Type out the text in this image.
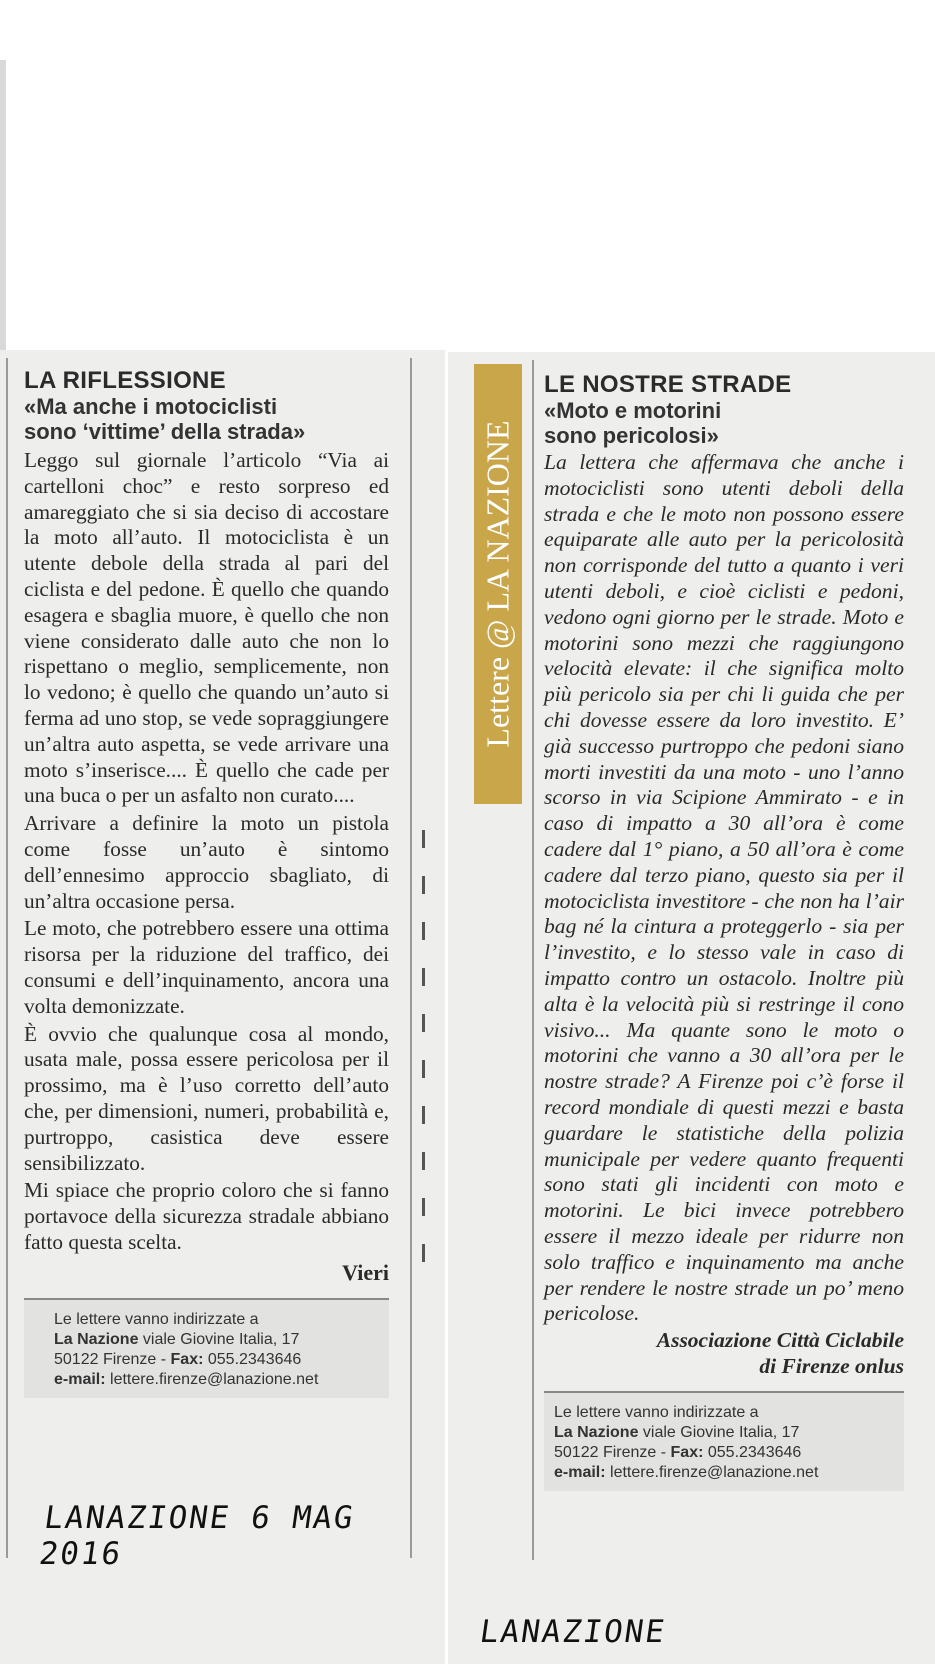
LA RIFLESSIONE
«Ma anche i motociclisti
sono ‘vittime’ della strada»

Leggo sul giornale l’articolo “Via ai cartelloni choc” e resto sorpreso ed amareggiato che si sia deciso di accostare la moto all’auto. Il motociclista è un utente debole della strada al pari del ciclista e del pedone. È quello che quando esagera e sbaglia muore, è quello che non viene considerato dalle auto che non lo rispettano o meglio, semplicemente, non lo vedono; è quello che quando un’auto si ferma ad uno stop, se vede sopraggiungere un’altra auto aspetta, se vede arrivare una moto s’inserisce.... È quello che cade per una buca o per un asfalto non curato....

Arrivare a definire la moto un pistola come fosse un’auto è sintomo dell’ennesimo approccio sbagliato, di un’altra occasione persa.

Le moto, che potrebbero essere una ottima risorsa per la riduzione del traffico, dei consumi e dell’inquinamento, ancora una volta demonizzate.

È ovvio che qualunque cosa al mondo, usata male, possa essere pericolosa per il prossimo, ma è l’uso corretto dell’auto che, per dimensioni, numeri, probabilità e, purtroppo, casistica deve essere sensibilizzato.

Mi spiace che proprio coloro che si fanno portavoce della sicurezza stradale abbiano fatto questa scelta.

Vieri
Le lettere vanno indirizzate a
La Nazione viale Giovine Italia, 17
50122 Firenze - Fax: 055.2343646
e-mail: lettere.firenze@lanazione.net
LANAZIONE 6 MAG 2016
Lettere @ LA NAZIONE
LE NOSTRE STRADE
«Moto e motorini
sono pericolosi»

La lettera che affermava che anche i motociclisti sono utenti deboli della strada e che le moto non possono essere equiparate alle auto per la pericolosità non corrisponde del tutto a quanto i veri utenti deboli, e cioè ciclisti e pedoni, vedono ogni giorno per le strade. Moto e motorini sono mezzi che raggiungono velocità elevate: il che significa molto più pericolo sia per chi li guida che per chi dovesse essere da loro investito. E’ già successo purtroppo che pedoni siano morti investiti da una moto - uno l’anno scorso in via Scipione Ammirato - e in caso di impatto a 30 all’ora è come cadere dal 1° piano, a 50 all’ora è come cadere dal terzo piano, questo sia per il motociclista investitore - che non ha l’air bag né la cintura a proteggerlo - sia per l’investito, e lo stesso vale in caso di impatto contro un ostacolo. Inoltre più alta è la velocità più si restringe il cono visivo... Ma quante sono le moto o motorini che vanno a 30 all’ora per le nostre strade? A Firenze poi c’è forse il record mondiale di questi mezzi e basta guardare le statistiche della polizia municipale per vedere quanto frequenti sono stati gli incidenti con moto e motorini. Le bici invece potrebbero essere il mezzo ideale per ridurre non solo traffico e inquinamento ma anche per rendere le nostre strade un po’ meno pericolose.

Associazione Città Ciclabile
di Firenze onlus
Le lettere vanno indirizzate a
La Nazione viale Giovine Italia, 17
50122 Firenze - Fax: 055.2343646
e-mail: lettere.firenze@lanazione.net
LANAZIONE
